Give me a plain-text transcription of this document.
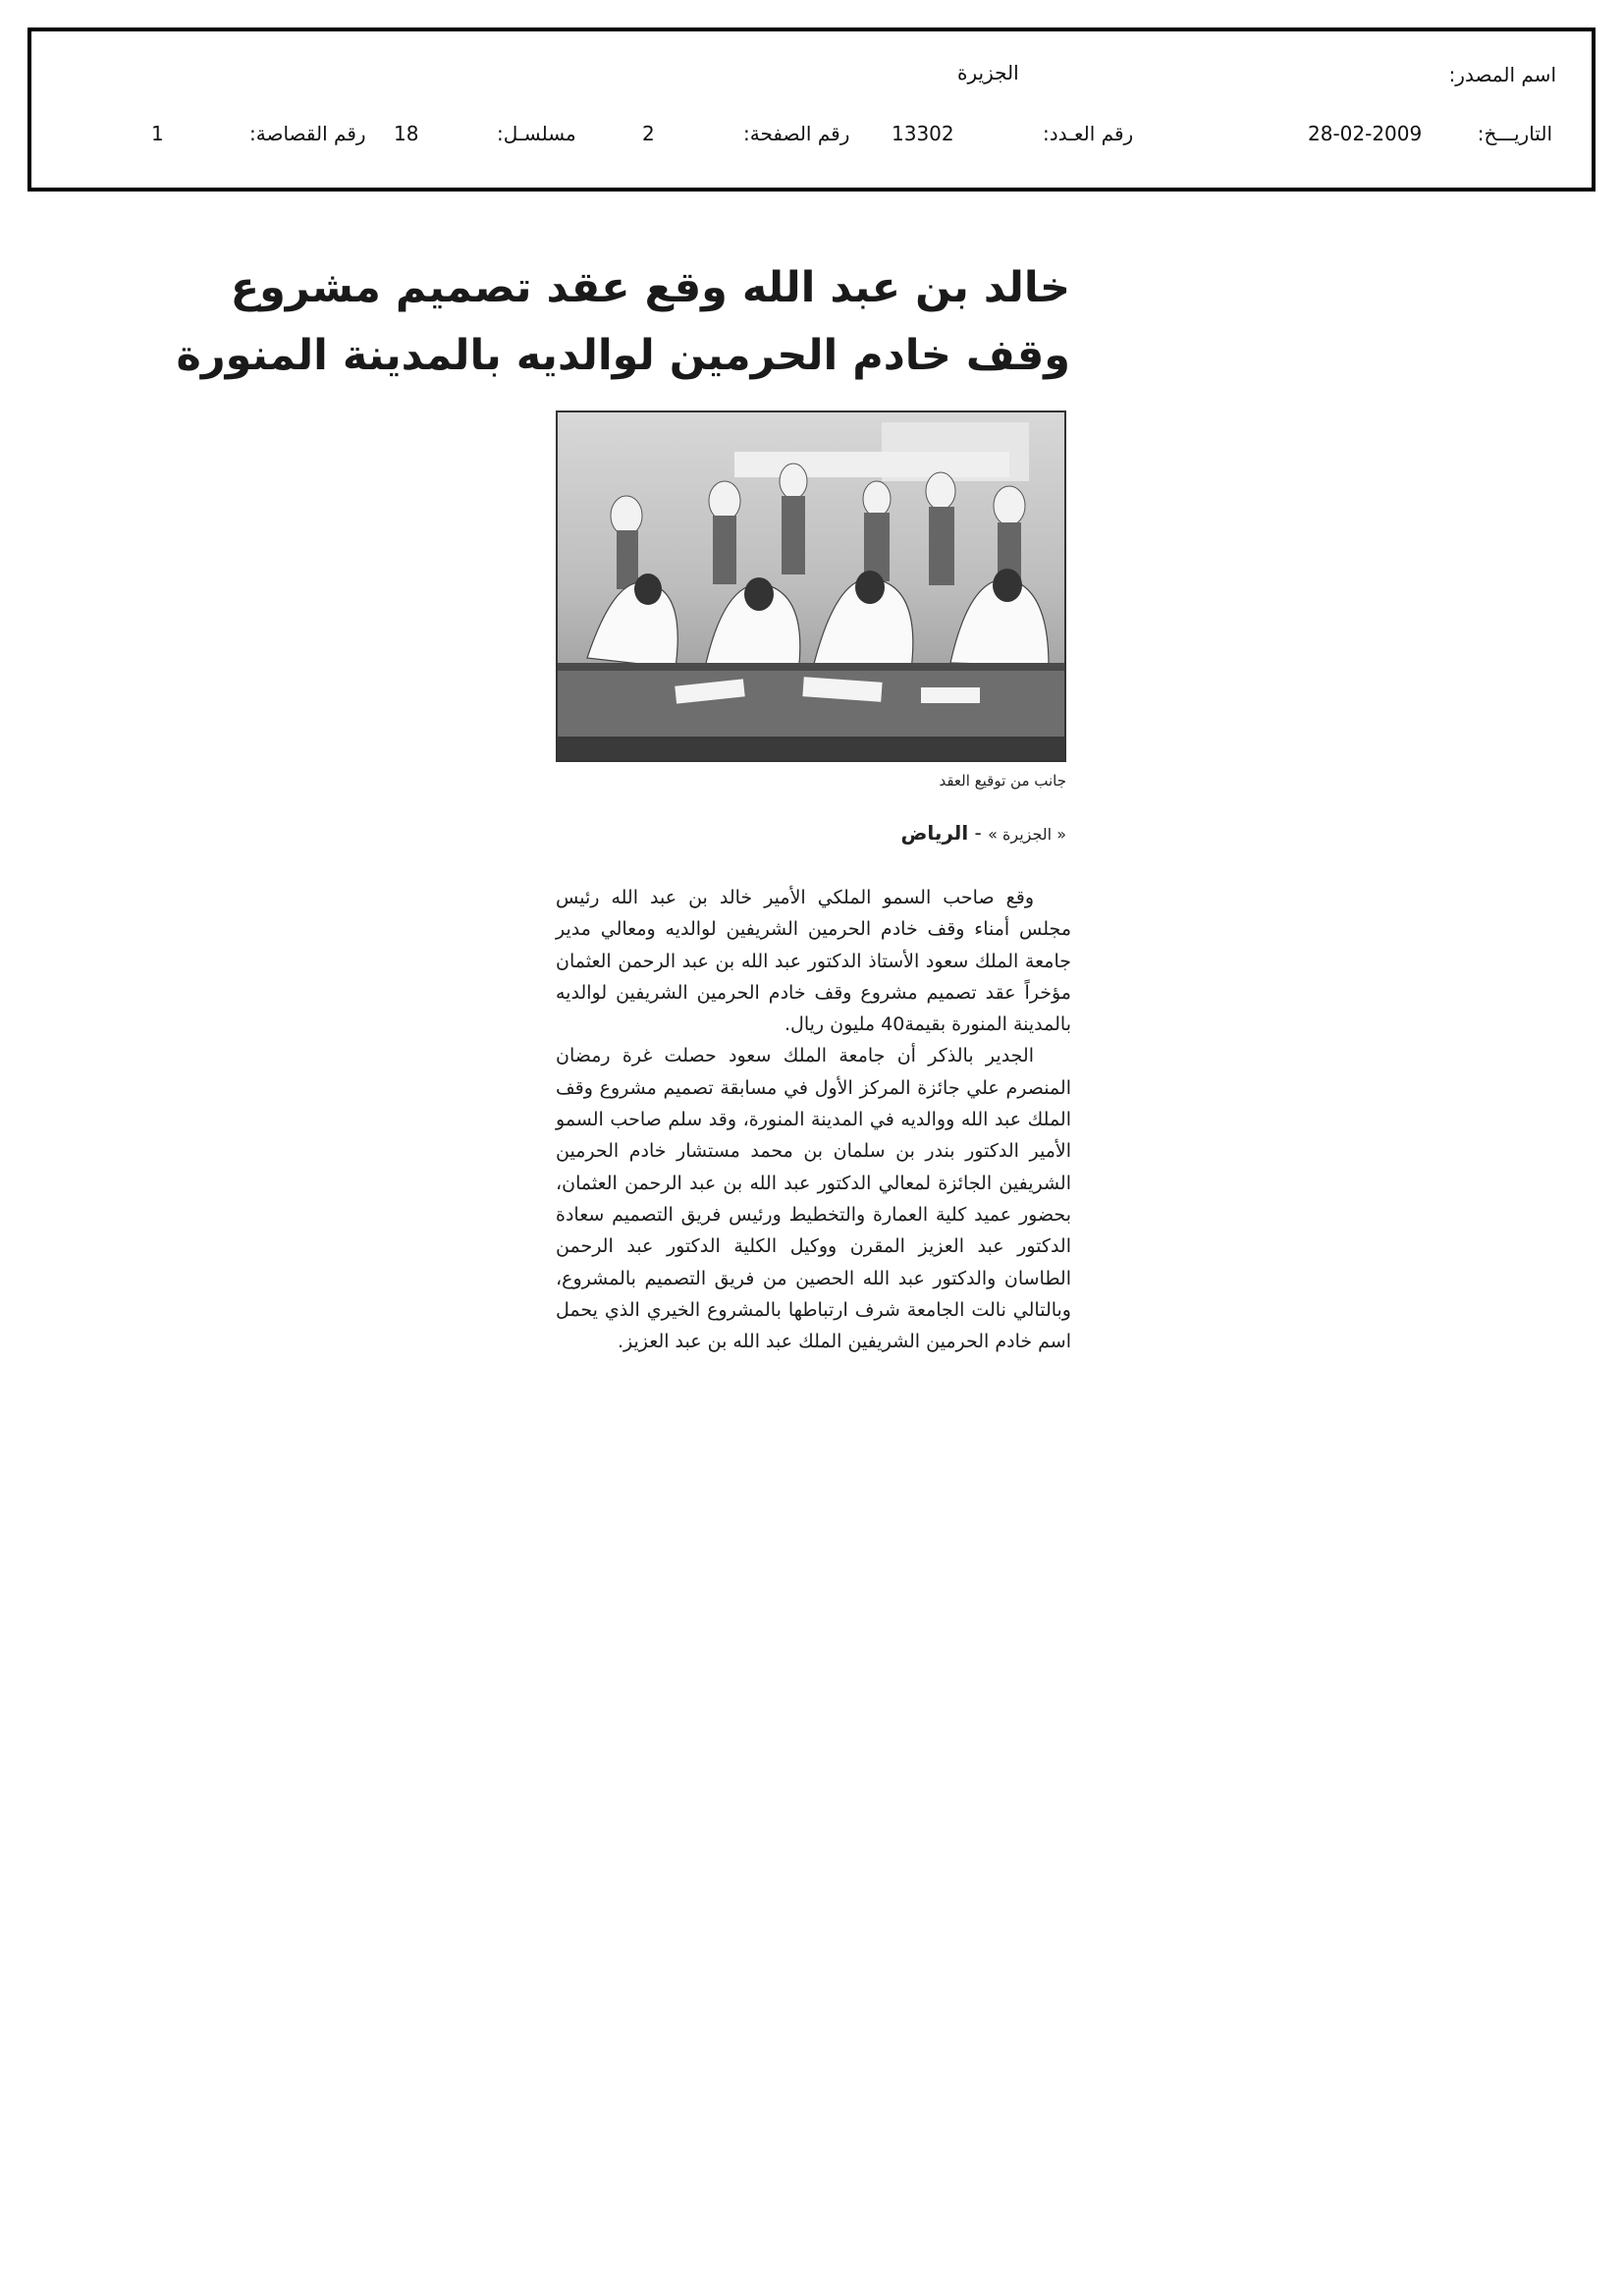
اسم المصدر:
الجزيرة
التاريـــخ:
28-02-2009
رقم العـدد:
13302
رقم الصفحة:
2
مسلسـل:
18
رقم القصاصة:
1
خالد بن عبد الله وقع عقد تصميم مشروع
وقف خادم الحرمين لوالديه بالمدينة المنورة
جانب من توقيع العقد
« الجزيرة » - الرياض

وقع صاحب السمو الملكي الأمير خالد بن عبد الله رئيس مجلس أمناء وقف خادم الحرمين الشريفين لوالديه ومعالي مدير جامعة الملك سعود الأستاذ الدكتور عبد الله بن عبد الرحمن العثمان مؤخراً عقد تصميم مشروع وقف خادم الحرمين الشريفين لوالديه بالمدينة المنورة بقيمة40 مليون ريال.

الجدير بالذكر أن جامعة الملك سعود حصلت غرة رمضان المنصرم علي جائزة المركز الأول في مسابقة تصميم مشروع وقف الملك عبد الله ووالديه في المدينة المنورة، وقد سلم صاحب السمو الأمير الدكتور بندر بن سلمان بن محمد مستشار خادم الحرمين الشريفين الجائزة لمعالي الدكتور عبد الله بن عبد الرحمن العثمان، بحضور عميد كلية العمارة والتخطيط ورئيس فريق التصميم سعادة الدكتور عبد العزيز المقرن ووكيل الكلية الدكتور عبد الرحمن الطاسان والدكتور عبد الله الحصين من فريق التصميم بالمشروع، وبالتالي نالت الجامعة شرف ارتباطها بالمشروع الخيري الذي يحمل اسم خادم الحرمين الشريفين الملك عبد الله بن عبد العزيز.
